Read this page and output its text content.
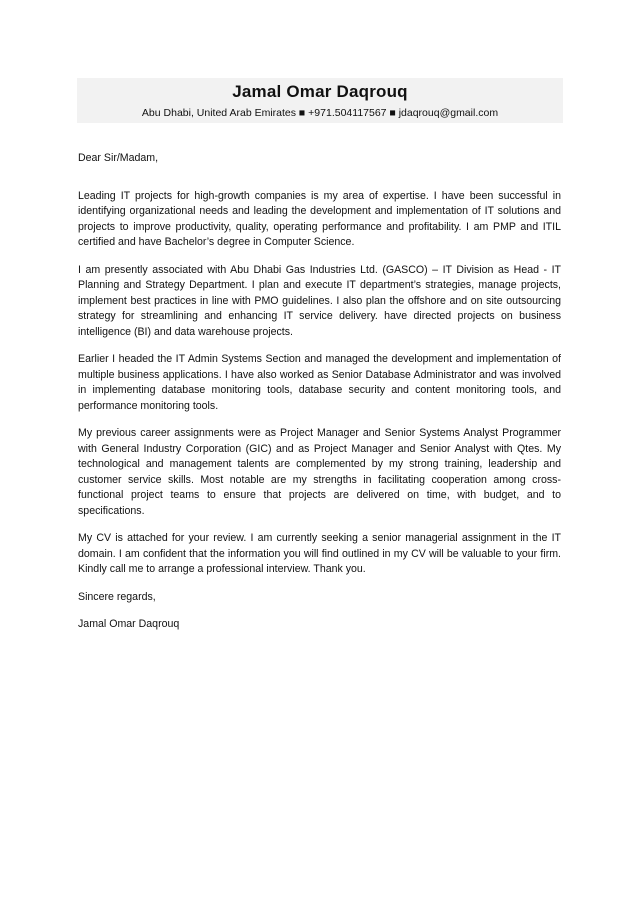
Jamal Omar Daqrouq
Abu Dhabi, United Arab Emirates ■ +971.504117567 ■ jdaqrouq@gmail.com

Dear Sir/Madam,

Leading IT projects for high-growth companies is my area of expertise. I have been successful in identifying organizational needs and leading the development and implementation of IT solutions and projects to improve productivity, quality, operating performance and profitability. I am PMP and ITIL certified and have Bachelor’s degree in Computer Science.

I am presently associated with Abu Dhabi Gas Industries Ltd. (GASCO) – IT Division as Head - IT Planning and Strategy Department. I plan and execute IT department’s strategies, manage projects, implement best practices in line with PMO guidelines. I also plan the offshore and on site outsourcing strategy for streamlining and enhancing IT service delivery. have directed projects on business intelligence (BI) and data warehouse projects.

Earlier I headed the IT Admin Systems Section and managed the development and implementation of multiple business applications. I have also worked as Senior Database Administrator and was involved in implementing database monitoring tools, database security and content monitoring tools, and performance monitoring tools.

My previous career assignments were as Project Manager and Senior Systems Analyst Programmer with General Industry Corporation (GIC) and as Project Manager and Senior Analyst with Qtes. My technological and management talents are complemented by my strong training, leadership and customer service skills. Most notable are my strengths in facilitating cooperation among cross-functional project teams to ensure that projects are delivered on time, with budget, and to specifications.

My CV is attached for your review. I am currently seeking a senior managerial assignment in the IT domain. I am confident that the information you will find outlined in my CV will be valuable to your firm. Kindly call me to arrange a professional interview. Thank you.

Sincere regards,

Jamal Omar Daqrouq
